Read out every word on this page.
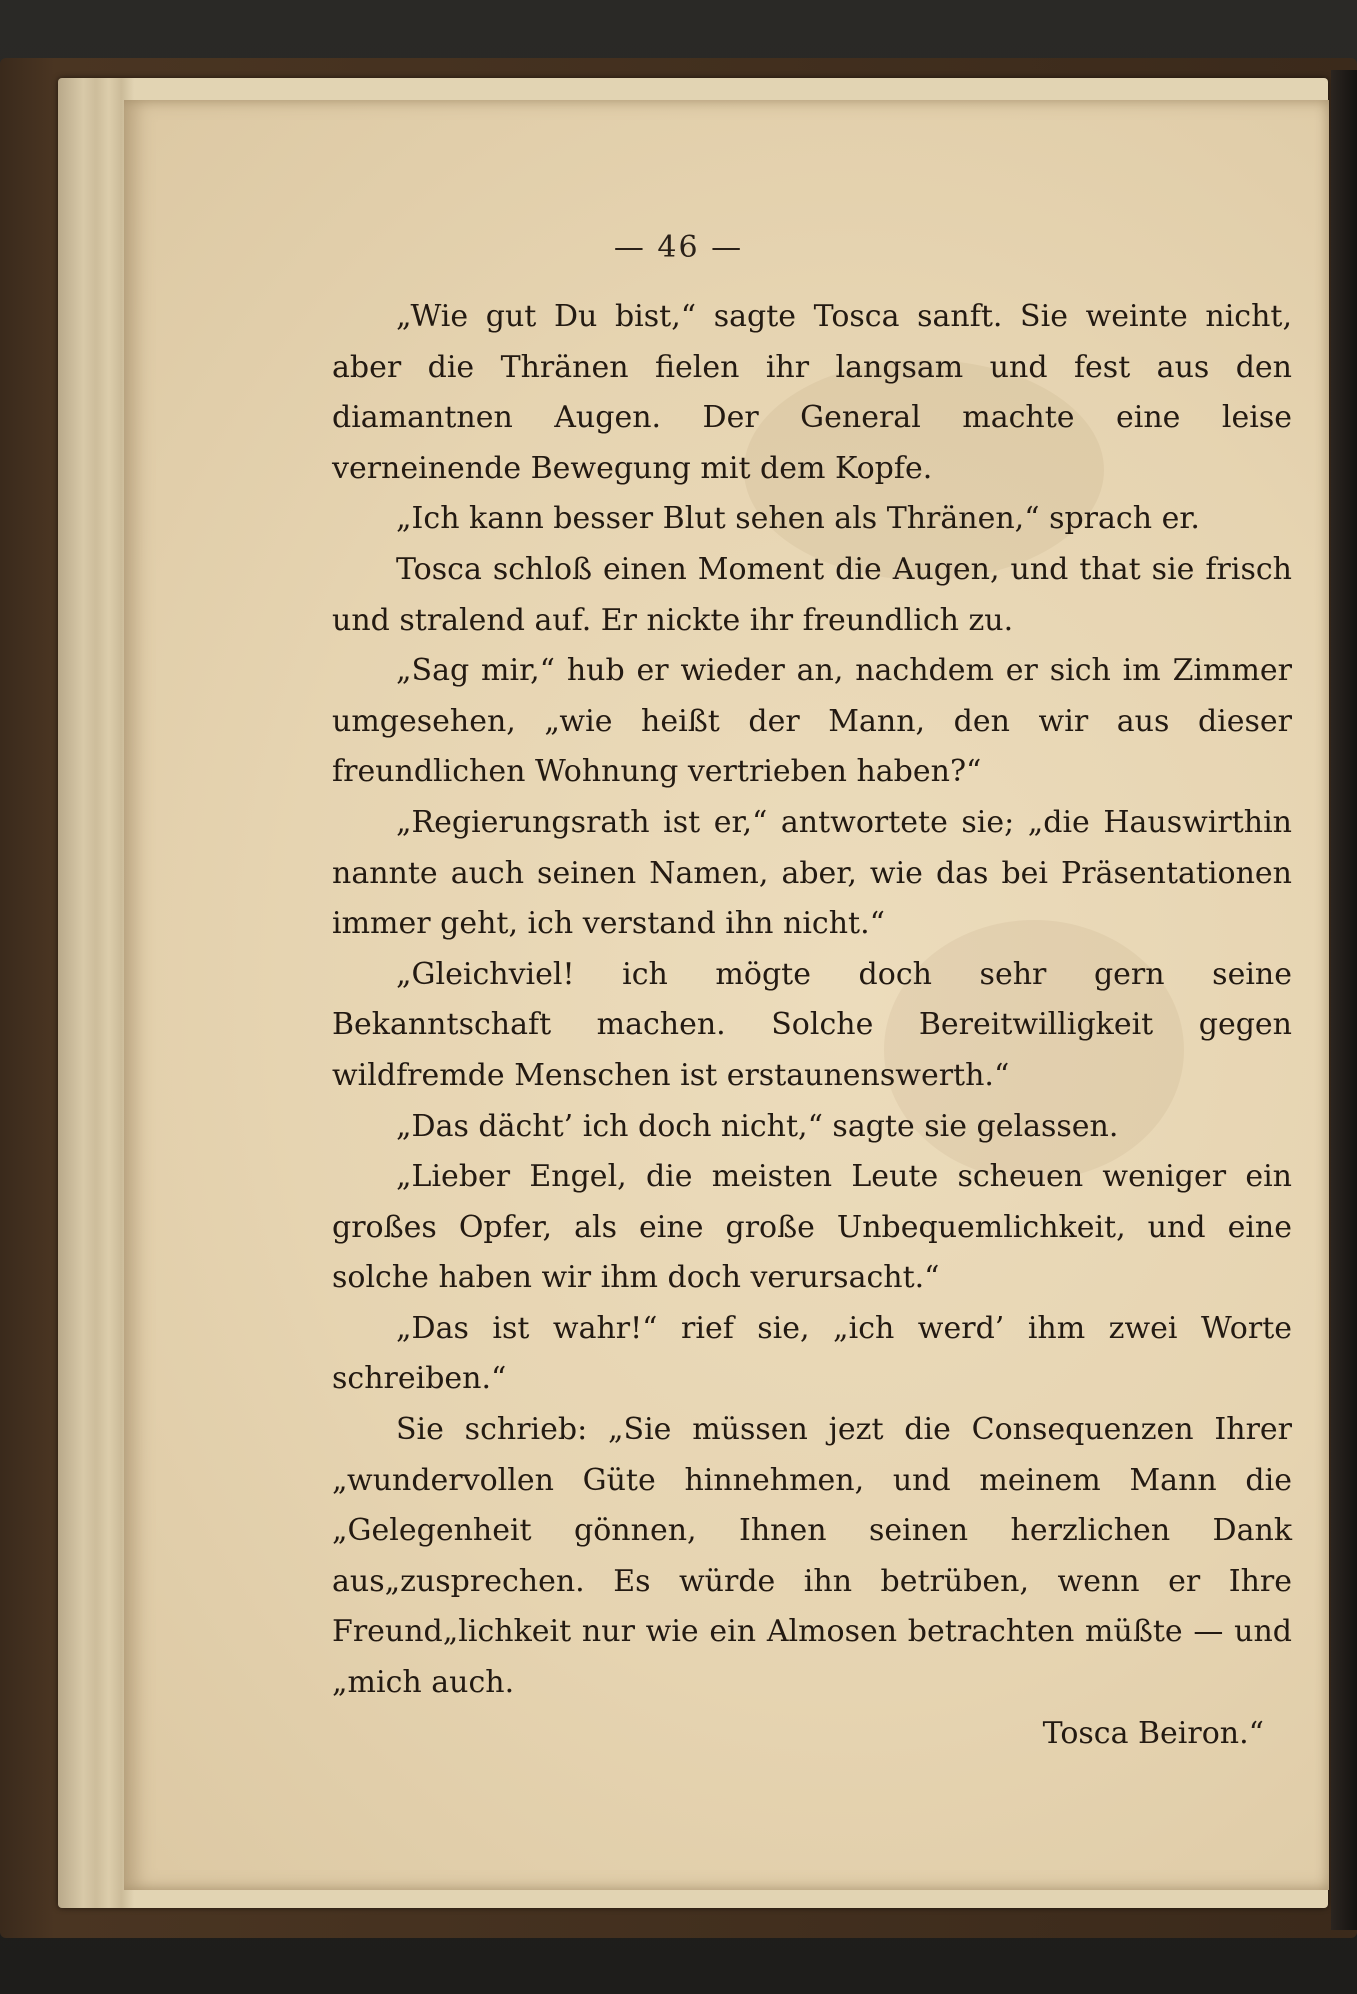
— 46 —

„Wie gut Du bist,“ sagte Tosca sanft. Sie weinte nicht, aber die Thränen fielen ihr langsam und fest aus den diamantnen Augen. Der General machte eine leise verneinende Bewegung mit dem Kopfe.

„Ich kann besser Blut sehen als Thränen,“ sprach er.

Tosca schloß einen Moment die Augen, und that sie frisch und stralend auf. Er nickte ihr freundlich zu.

„Sag mir,“ hub er wieder an, nachdem er sich im Zimmer umgesehen, „wie heißt der Mann, den wir aus dieser freundlichen Wohnung vertrieben haben?“

„Regierungsrath ist er,“ antwortete sie; „die Hauswirthin nannte auch seinen Namen, aber, wie das bei Präsentationen immer geht, ich verstand ihn nicht.“

„Gleichviel! ich mögte doch sehr gern seine Bekanntschaft machen. Solche Bereitwilligkeit gegen wildfremde Menschen ist erstaunenswerth.“

„Das dächt’ ich doch nicht,“ sagte sie gelassen.

„Lieber Engel, die meisten Leute scheuen weniger ein großes Opfer, als eine große Unbequemlichkeit, und eine solche haben wir ihm doch verursacht.“

„Das ist wahr!“ rief sie, „ich werd’ ihm zwei Worte schreiben.“

Sie schrieb: „Sie müssen jezt die Consequenzen Ihrer „wundervollen Güte hinnehmen, und meinem Mann die „Gelegenheit gönnen, Ihnen seinen herzlichen Dank aus„zusprechen. Es würde ihn betrüben, wenn er Ihre Freund„lichkeit nur wie ein Almosen betrachten müßte — und „mich auch.

Tosca Beiron.“
